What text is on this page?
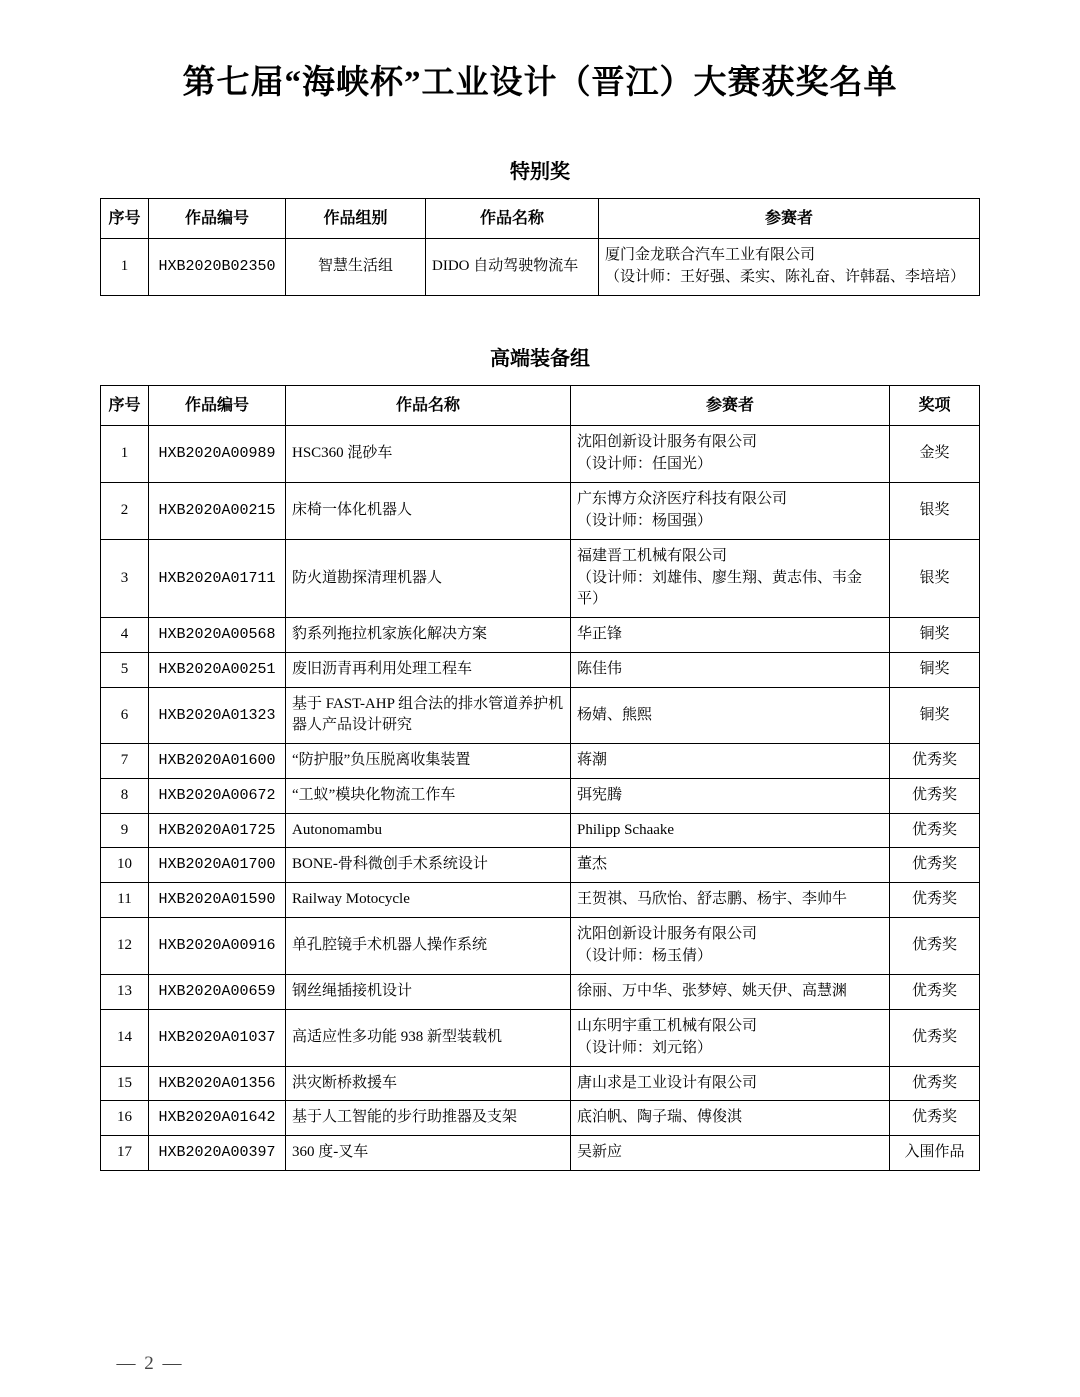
第七届“海峡杯”工业设计（晋江）大赛获奖名单
特别奖
序号	作品编号	作品组别	作品名称	参赛者
1	HXB2020B02350	智慧生活组	DIDO 自动驾驶物流车	厦门金龙联合汽车工业有限公司
（设计师：王好强、柔实、陈礼奋、许韩磊、李培培）
高端装备组
序号	作品编号	作品名称	参赛者	奖项
1	HXB2020A00989	HSC360 混砂车	沈阳创新设计服务有限公司
（设计师：任国光）	金奖
2	HXB2020A00215	床椅一体化机器人	广东博方众济医疗科技有限公司
（设计师：杨国强）	银奖
3	HXB2020A01711	防火道勘探清理机器人	福建晋工机械有限公司
（设计师：刘雄伟、廖生翔、黄志伟、韦金平）	银奖
4	HXB2020A00568	豹系列拖拉机家族化解决方案	华正锋	铜奖
5	HXB2020A00251	废旧沥青再利用处理工程车	陈佳伟	铜奖
6	HXB2020A01323	基于 FAST-AHP 组合法的排水管道养护机器人产品设计研究	杨婧、熊熙	铜奖
7	HXB2020A01600	“防护服”负压脱离收集装置	蒋潮	优秀奖
8	HXB2020A00672	“工蚁”模块化物流工作车	弭宪腾	优秀奖
9	HXB2020A01725	Autonomambu	Philipp Schaake	优秀奖
10	HXB2020A01700	BONE-骨科微创手术系统设计	董杰	优秀奖
11	HXB2020A01590	Railway Motocycle	王贺祺、马欣怡、舒志鹏、杨宇、李帅牛	优秀奖
12	HXB2020A00916	单孔腔镜手术机器人操作系统	沈阳创新设计服务有限公司
（设计师：杨玉倩）	优秀奖
13	HXB2020A00659	钢丝绳插接机设计	徐丽、万中华、张梦婷、姚天伊、高慧渊	优秀奖
14	HXB2020A01037	高适应性多功能 938 新型装载机	山东明宇重工机械有限公司
（设计师：刘元铭）	优秀奖
15	HXB2020A01356	洪灾断桥救援车	唐山求是工业设计有限公司	优秀奖
16	HXB2020A01642	基于人工智能的步行助推器及支架	底泊帆、陶子瑞、傅俊淇	优秀奖
17	HXB2020A00397	360 度-叉车	吴新应	入围作品
— 2 —
